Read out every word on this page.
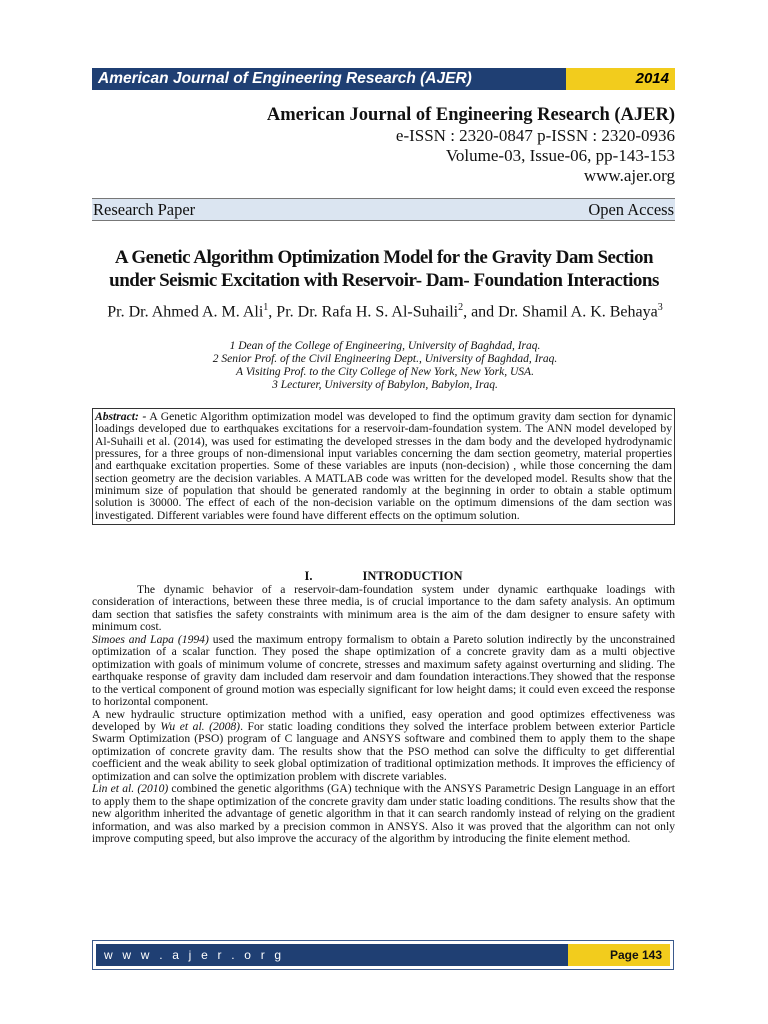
American Journal of Engineering Research (AJER)	2014
American Journal of Engineering Research (AJER)
e-ISSN : 2320-0847 p-ISSN : 2320-0936
Volume-03, Issue-06, pp-143-153
www.ajer.org
Research Paper	Open Access
A Genetic Algorithm Optimization Model for the Gravity Dam Section
under Seismic Excitation with Reservoir- Dam- Foundation Interactions
Pr. Dr. Ahmed A. M. Ali$^1$, Pr. Dr. Rafa H. S. Al-Suhaili$^2$, and Dr. Shamil A. K. Behaya$^3$
1 Dean of the College of Engineering, University of Baghdad, Iraq.
2 Senior Prof. of the Civil Engineering Dept., University of Baghdad, Iraq.
A Visiting Prof. to the City College of New York, New York, USA.
3 Lecturer, University of Babylon, Babylon, Iraq.
Abstract: - A Genetic Algorithm optimization model was developed to find the optimum gravity dam section for dynamic loadings developed due to earthquakes excitations for a reservoir-dam-foundation system. The ANN model developed by Al-Suhaili et al. (2014), was used for estimating the developed stresses in the dam body and the developed hydrodynamic pressures, for a three groups of non-dimensional input variables concerning the dam section geometry, material properties and earthquake excitation properties. Some of these variables are inputs (non-decision) , while those concerning the dam section geometry are the decision variables. A MATLAB code was written for the developed model. Results show that the minimum size of population that should be generated randomly at the beginning in order to obtain a stable optimum solution is 30000. The effect of each of the non-decision variable on the optimum dimensions of the dam section was investigated. Different variables were found have different effects on the optimum solution.
I.	INTRODUCTION

The dynamic behavior of a reservoir-dam-foundation system under dynamic earthquake loadings with consideration of interactions, between these three media, is of crucial importance to the dam safety analysis. An optimum dam section that satisfies the safety constraints with minimum area is the aim of the dam designer to ensure safety with minimum cost.

Simoes and Lapa (1994) used the maximum entropy formalism to obtain a Pareto solution indirectly by the unconstrained optimization of a scalar function. They posed the shape optimization of a concrete gravity dam as a multi objective optimization with goals of minimum volume of concrete, stresses and maximum safety against overturning and sliding. The earthquake response of gravity dam included dam reservoir and dam foundation interactions.They showed that the response to the vertical component of ground motion was especially significant for low height dams; it could even exceed the response to horizontal component.

A new hydraulic structure optimization method with a unified, easy operation and good optimizes effectiveness was developed by Wu et al. (2008). For static loading conditions they solved the interface problem between exterior Particle Swarm Optimization (PSO) program of C language and ANSYS software and combined them to apply them to the shape optimization of concrete gravity dam. The results show that the PSO method can solve the difficulty to get differential coefficient and the weak ability to seek global optimization of traditional optimization methods. It improves the efficiency of optimization and can solve the optimization problem with discrete variables.

Lin et al. (2010) combined the genetic algorithms (GA) technique with the ANSYS Parametric Design Language in an effort to apply them to the shape optimization of the concrete gravity dam under static loading conditions. The results show that the new algorithm inherited the advantage of genetic algorithm in that it can search randomly instead of relying on the gradient information, and was also marked by a precision common in ANSYS. Also it was proved that the algorithm can not only improve computing speed, but also improve the accuracy of the algorithm by introducing the finite element method.

w w w . a j e r . o r g	Page 143
